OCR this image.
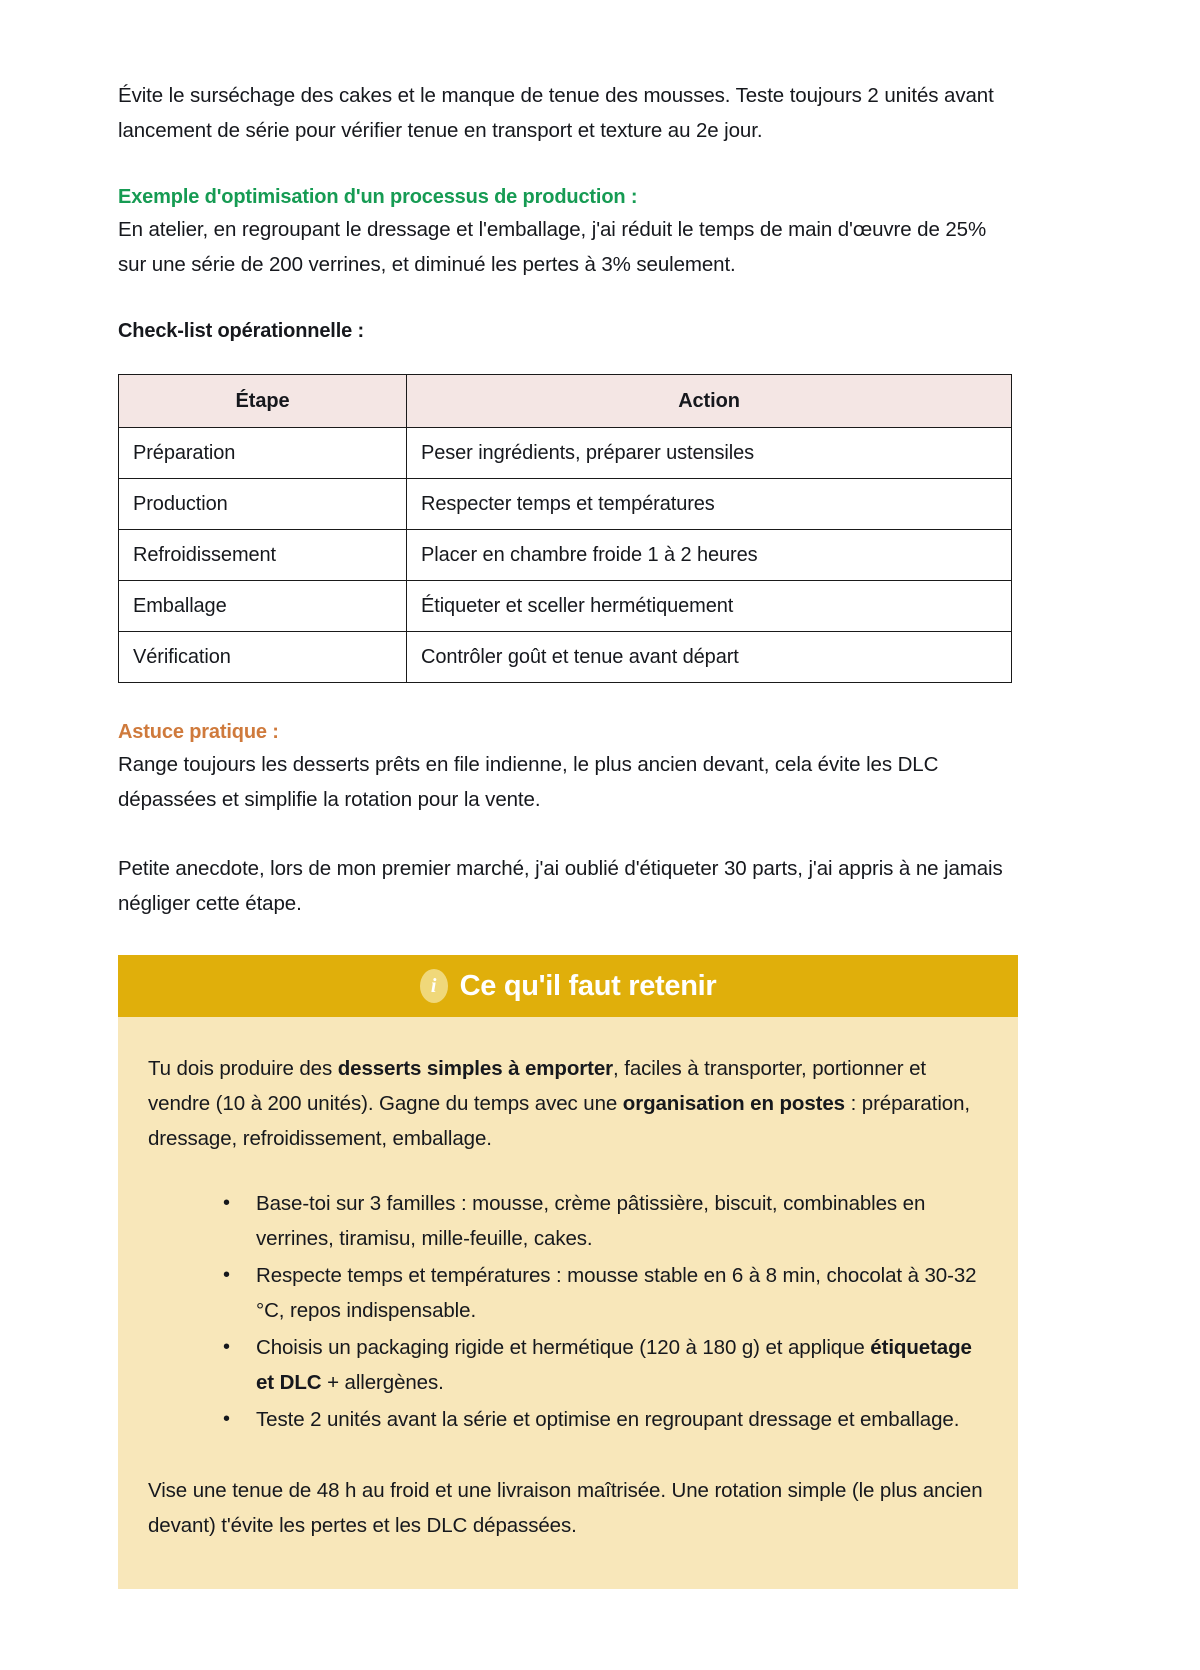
Évite le surséchage des cakes et le manque de tenue des mousses. Teste toujours 2 unités avant lancement de série pour vérifier tenue en transport et texture au 2e jour.

Exemple d'optimisation d'un processus de production :

En atelier, en regroupant le dressage et l'emballage, j'ai réduit le temps de main d'œuvre de 25% sur une série de 200 verrines, et diminué les pertes à 3% seulement.

Check-list opérationnelle :
Étape	Action
Préparation	Peser ingrédients, préparer ustensiles
Production	Respecter temps et températures
Refroidissement	Placer en chambre froide 1 à 2 heures
Emballage	Étiqueter et sceller hermétiquement
Vérification	Contrôler goût et tenue avant départ
Astuce pratique :

Range toujours les desserts prêts en file indienne, le plus ancien devant, cela évite les DLC dépassées et simplifie la rotation pour la vente.

Petite anecdote, lors de mon premier marché, j'ai oublié d'étiqueter 30 parts, j'ai appris à ne jamais négliger cette étape.

i Ce qu'il faut retenir

Tu dois produire des desserts simples à emporter, faciles à transporter, portionner et vendre (10 à 200 unités). Gagne du temps avec une organisation en postes : préparation, dressage, refroidissement, emballage.

• Base-toi sur 3 familles : mousse, crème pâtissière, biscuit, combinables en verrines, tiramisu, mille-feuille, cakes.
• Respecte temps et températures : mousse stable en 6 à 8 min, chocolat à 30-32 °C, repos indispensable.
• Choisis un packaging rigide et hermétique (120 à 180 g) et applique étiquetage et DLC + allergènes.
• Teste 2 unités avant la série et optimise en regroupant dressage et emballage.

Vise une tenue de 48 h au froid et une livraison maîtrisée. Une rotation simple (le plus ancien devant) t'évite les pertes et les DLC dépassées.
